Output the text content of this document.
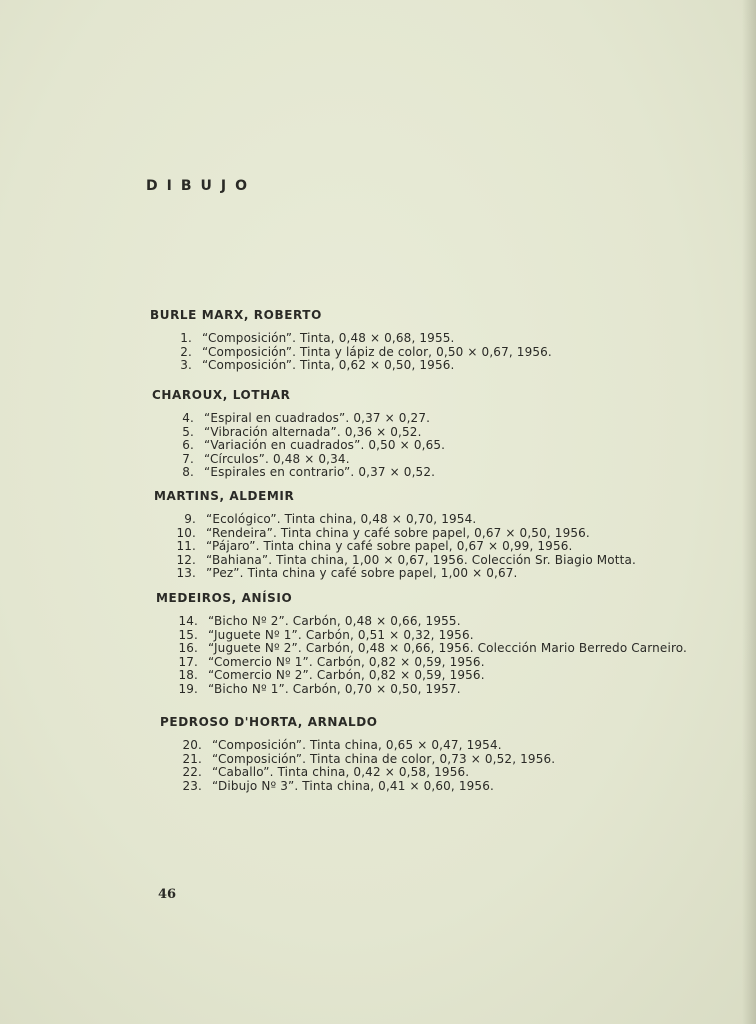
DIBUJO
BURLE MARX, ROBERTO
1. “Composición”. Tinta, 0,48 × 0,68, 1955.
2. “Composición”. Tinta y lápiz de color, 0,50 × 0,67, 1956.
3. “Composición”. Tinta, 0,62 × 0,50, 1956.
CHAROUX, LOTHAR
4. “Espiral en cuadrados”. 0,37 × 0,27.
5. “Vibración alternada”. 0,36 × 0,52.
6. “Variación en cuadrados”. 0,50 × 0,65.
7. “Círculos”. 0,48 × 0,34.
8. “Espirales en contrario”. 0,37 × 0,52.
MARTINS, ALDEMIR
9. “Ecológico”. Tinta china, 0,48 × 0,70, 1954.
10. “Rendeira”. Tinta china y café sobre papel, 0,67 × 0,50, 1956.
11. “Pájaro”. Tinta china y café sobre papel, 0,67 × 0,99, 1956.
12. “Bahiana”. Tinta china, 1,00 × 0,67, 1956. Colección Sr. Biagio Motta.
13. ”Pez”. Tinta china y café sobre papel, 1,00 × 0,67.
MEDEIROS, ANÍSIO
14. “Bicho Nº 2”. Carbón, 0,48 × 0,66, 1955.
15. “Juguete Nº 1”. Carbón, 0,51 × 0,32, 1956.
16. “Juguete Nº 2”. Carbón, 0,48 × 0,66, 1956. Colección Mario Berredo Carneiro.
17. “Comercio Nº 1”. Carbón, 0,82 × 0,59, 1956.
18. “Comercio Nº 2”. Carbón, 0,82 × 0,59, 1956.
19. “Bicho Nº 1”. Carbón, 0,70 × 0,50, 1957.
PEDROSO D'HORTA, ARNALDO
20. “Composición”. Tinta china, 0,65 × 0,47, 1954.
21. “Composición”. Tinta china de color, 0,73 × 0,52, 1956.
22. “Caballo”. Tinta china, 0,42 × 0,58, 1956.
23. “Dibujo Nº 3”. Tinta china, 0,41 × 0,60, 1956.
46
